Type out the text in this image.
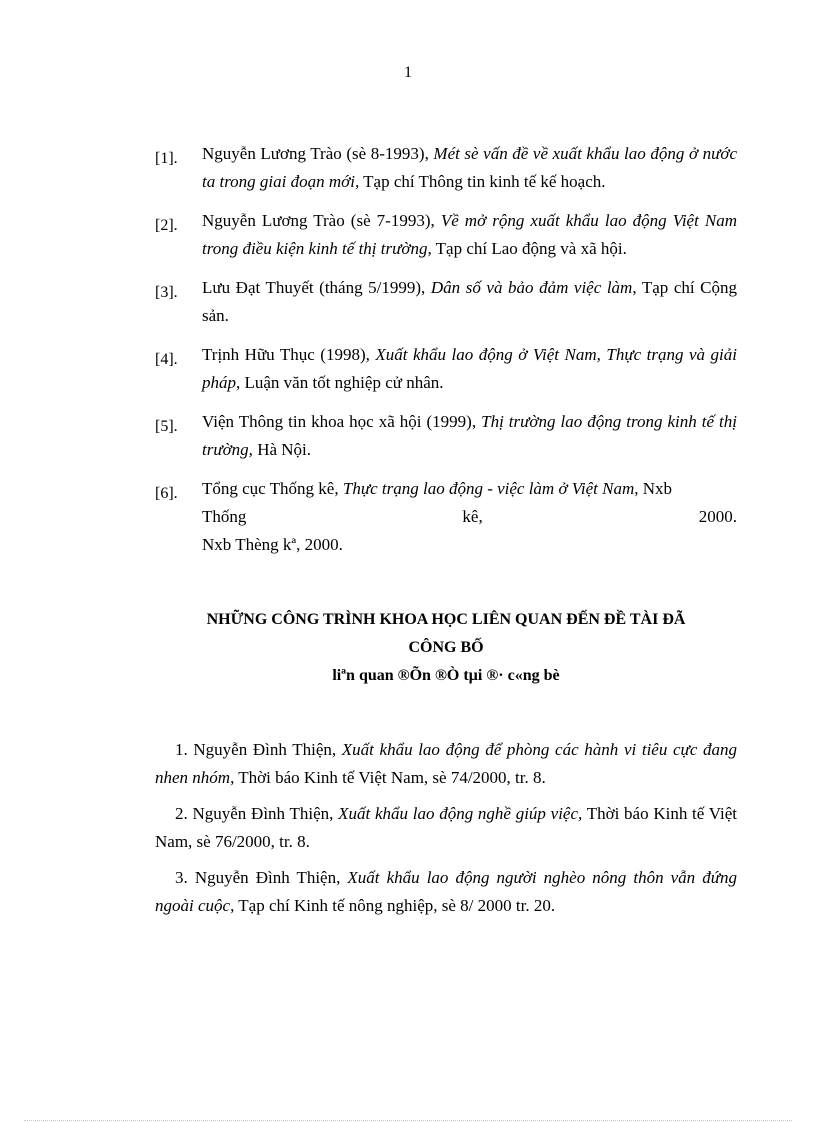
1
[1]. Nguyễn Lương Trào (sè 8-1993), Mét sè vấn đề về xuất khẩu lao động ở nước ta trong giai đoạn mới, Tạp chí Thông tin kinh tế kế hoạch.
[2]. Nguyễn Lương Trào (sè 7-1993), Về mở rộng xuất khẩu lao động Việt Nam trong điều kiện kinh tế thị trường, Tạp chí Lao động và xã hội.
[3]. Lưu Đạt Thuyết (tháng 5/1999), Dân số và bảo đảm việc làm, Tạp chí Cộng sản.
[4]. Trịnh Hữu Thục (1998), Xuất khẩu lao động ở Việt Nam, Thực trạng và giải pháp, Luận văn tốt nghiệp cử nhân.
[5]. Viện Thông tin khoa học xã hội (1999), Thị trường lao động trong kinh tế thị trường, Hà Nội.
[6]. Tổng cục Thống kê, Thực trạng lao động - việc làm ở Việt Nam, Nxb
Thống	kê,	2000.
Nxb Thèng kª, 2000.
NHỮNG CÔNG TRÌNH KHOA HỌC LIÊN QUAN ĐẾN ĐỀ TÀI ĐÃ
CÔNG BỐ
liªn quan ®Õn ®Ò tµi ®· c«ng bè
1. Nguyễn Đình Thiện, Xuất khẩu lao động để phòng các hành vi tiêu cực đang nhen nhóm, Thời báo Kinh tế Việt Nam, sè 74/2000, tr. 8.
2. Nguyễn Đình Thiện, Xuất khẩu lao động nghề giúp việc, Thời báo Kinh tế Việt Nam, sè 76/2000, tr. 8.
3. Nguyễn Đình Thiện, Xuất khẩu lao động người nghèo nông thôn vẫn đứng ngoài cuộc, Tạp chí Kinh tế nông nghiệp, sè 8/ 2000 tr. 20.
